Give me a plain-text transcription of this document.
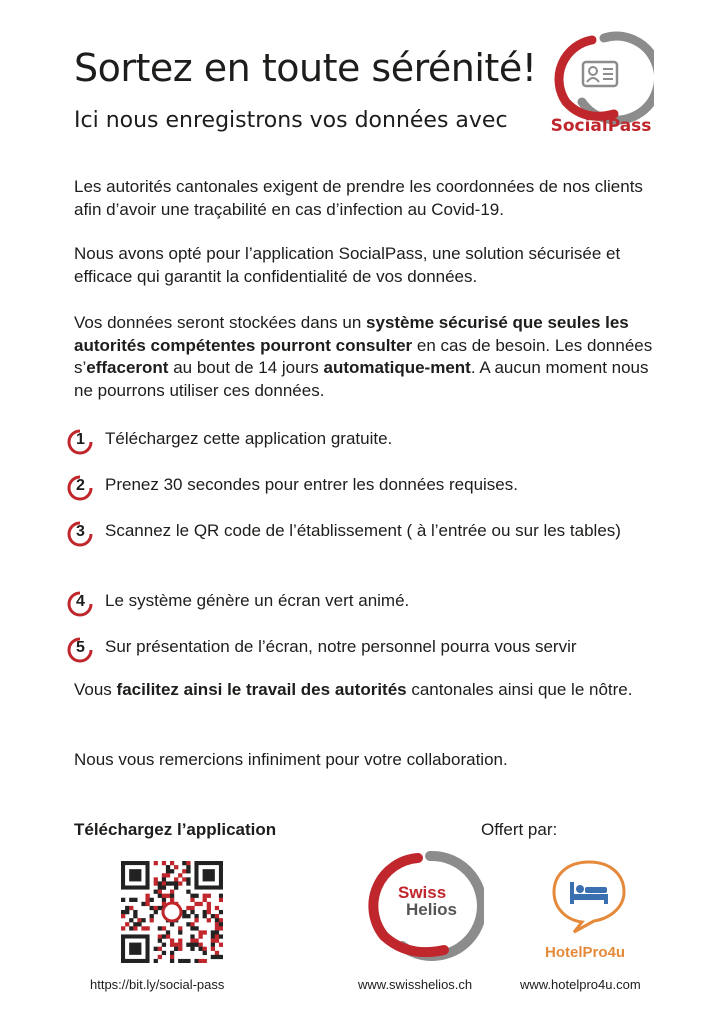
Sortez en toute sérénité!
Ici nous enregistrons vos données avec	SocialPass
Les autorités cantonales exigent de prendre les coordonnées de nos clients afin d’avoir une traçabilité en cas d’infection au Covid-19.
Nous avons opté pour l’application SocialPass, une solution sécurisée et efficace qui garantit la confidentialité de vos données.
Vos données seront stockées dans un système sécurisé que seules les autorités compétentes pourront consulter en cas de besoin. Les données s’effaceront au bout de 14 jours automatique-ment. A aucun moment nous ne pourrons utiliser ces données.
1 Téléchargez cette application gratuite.
2 Prenez 30 secondes pour entrer les données requises.
3 Scannez le QR code de l’établissement ( à l’entrée ou sur les tables)
4 Le système génère un écran vert animé.
5 Sur présentation de l’écran, notre personnel pourra vous servir
Vous facilitez ainsi le travail des autorités cantonales ainsi que le nôtre.
Nous vous remercions infiniment pour votre collaboration.
Téléchargez l’application	Offert par:
Swiss
Helios
HotelPro4u
https://bit.ly/social-pass	www.swisshelios.ch	www.hotelpro4u.com
